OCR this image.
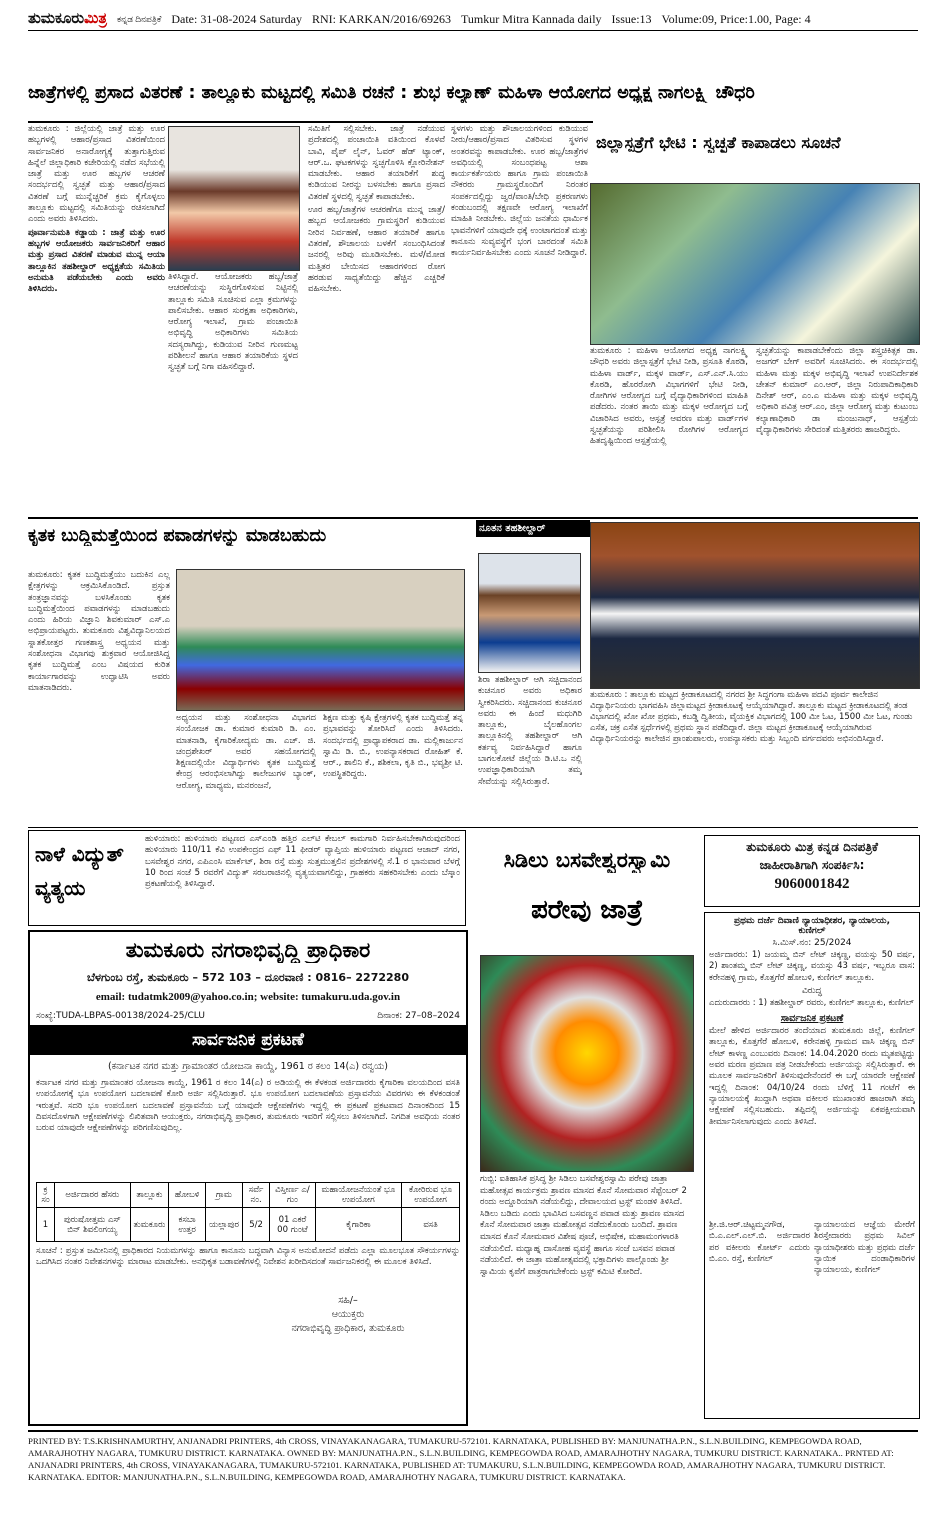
ತುಮಕೂರುಮಿತ್ರ ಕನ್ನಡ ದಿನಪತ್ರಿಕೆ Date: 31-08-2024 Saturday RNI: KARKAN/2016/69263 Tumkur Mitra Kannada daily Issue:13 Volume:09, Price:1.00, Page: 4
ಜಾತ್ರೆಗಳಲ್ಲಿ ಪ್ರಸಾದ ವಿತರಣೆ : ತಾಲ್ಲೂಕು ಮಟ್ಟದಲ್ಲಿ ಸಮಿತಿ ರಚನೆ : ಶುಭ ಕಲ್ಯಾಣ್ ಮಹಿಳಾ ಆಯೋಗದ ಅಧ್ಯಕ್ಷ ನಾಗಲಕ್ಷ್ಮಿ ಚೌಧರಿ

ತುಮಕೂರು : ಜಿಲ್ಲೆಯಲ್ಲಿ ಜಾತ್ರೆ ಮತ್ತು ಊರ ಹಬ್ಬಗಳಲ್ಲಿ ಆಹಾರ/ಪ್ರಸಾದ ವಿತರಣೆಯಿಂದ ಸಾರ್ವಜನಿಕರ ಅನಾರೋಗ್ಯಕ್ಕೆ ತುತ್ತಾಗುತ್ತಿರುವ ಹಿನ್ನೆಲೆ ಜಿಲ್ಲಾಧಿಕಾರಿ ಕಚೇರಿಯಲ್ಲಿ ನಡೆದ ಸಭೆಯಲ್ಲಿ ಜಾತ್ರೆ ಮತ್ತು ಊರ ಹಬ್ಬಗಳ ಆಚರಣೆ ಸಂದರ್ಭದಲ್ಲಿ ಸ್ವಚ್ಛತೆ ಮತ್ತು ಆಹಾರ/ಪ್ರಸಾದ ವಿತರಣೆ ಬಗ್ಗೆ ಮುನ್ನೆಚ್ಚರಿಕೆ ಕ್ರಮ ಕೈಗೊಳ್ಳಲು ತಾಲ್ಲೂಕು ಮಟ್ಟದಲ್ಲಿ ಸಮಿತಿಯನ್ನು ರಚಿಸಲಾಗಿದೆ ಎಂದು ಅವರು ತಿಳಿಸಿದರು.

ಪೂರ್ವಾನುಮತಿ ಕಡ್ಡಾಯ : ಜಾತ್ರೆ ಮತ್ತು ಊರ ಹಬ್ಬಗಳ ಆಯೋಜಕರು ಸಾರ್ವಜನಿಕರಿಗೆ ಆಹಾರ ಮತ್ತು ಪ್ರಸಾದ ವಿತರಣೆ ಮಾಡುವ ಮುನ್ನ ಆಯಾ ತಾಲ್ಲೂಕಿನ ತಹಶೀಲ್ದಾರ್ ಅಧ್ಯಕ್ಷತೆಯ ಸಮಿತಿಯ ಅನುಮತಿ ಪಡೆಯಬೇಕು ಎಂದು ಅವರು ತಿಳಿಸಿದರು.

ತಿಳಿಸಿದ್ದಾರೆ. ಆಯೋಜಕರು ಹಬ್ಬ/ಜಾತ್ರೆ ಆಚರಣೆಯನ್ನು ಸುಸ್ಥಿರಗೊಳಿಸುವ ನಿಟ್ಟಿನಲ್ಲಿ ತಾಲ್ಲೂಕು ಸಮಿತಿ ಸೂಚಿಸುವ ಎಲ್ಲಾ ಕ್ರಮಗಳನ್ನು ಪಾಲಿಸಬೇಕು. ಆಹಾರ ಸುರಕ್ಷತಾ ಅಧಿಕಾರಿಗಳು, ಆರೋಗ್ಯ ಇಲಾಖೆ, ಗ್ರಾಮ ಪಂಚಾಯಿತಿ ಅಭಿವೃದ್ಧಿ ಅಧಿಕಾರಿಗಳು ಸಮಿತಿಯ ಸದಸ್ಯರಾಗಿದ್ದು, ಕುಡಿಯುವ ನೀರಿನ ಗುಣಮಟ್ಟ ಪರಿಶೀಲನೆ ಹಾಗೂ ಆಹಾರ ತಯಾರಿಕೆಯ ಸ್ಥಳದ ಸ್ವಚ್ಛತೆ ಬಗ್ಗೆ ನಿಗಾ ವಹಿಸಲಿದ್ದಾರೆ.

ಸಮಿತಿಗೆ ಸಲ್ಲಿಸಬೇಕು. ಜಾತ್ರೆ ನಡೆಯುವ ಪ್ರದೇಶದಲ್ಲಿ ಪಂಚಾಯಿತಿ ವತಿಯಿಂದ ಕೊಳವೆ ಬಾವಿ, ಪೈಪ್ ಲೈನ್, ಓವರ್ ಹೆಡ್ ಟ್ಯಾಂಕ್, ಆರ್.ಒ. ಘಟಕಗಳನ್ನು ಸ್ವಚ್ಛಗೊಳಿಸಿ ಕ್ಲೋರಿನೇಶನ್ ಮಾಡಬೇಕು. ಆಹಾರ ತಯಾರಿಕೆಗೆ ಶುದ್ಧ ಕುಡಿಯುವ ನೀರನ್ನು ಬಳಸಬೇಕು ಹಾಗೂ ಪ್ರಸಾದ ವಿತರಣೆ ಸ್ಥಳದಲ್ಲಿ ಸ್ವಚ್ಛತೆ ಕಾಪಾಡಬೇಕು.

ಊರ ಹಬ್ಬ/ಜಾತ್ರೆಗಳ ಆಚರಣೆಗೂ ಮುನ್ನ ಜಾತ್ರೆ/ಹಬ್ಬದ ಆಯೋಜಕರು ಗ್ರಾಮಸ್ಥರಿಗೆ ಕುಡಿಯುವ ನೀರಿನ ನಿರ್ವಹಣೆ, ಆಹಾರ ತಯಾರಿಕೆ ಹಾಗೂ ವಿತರಣೆ, ಶೌಚಾಲಯ ಬಳಕೆಗೆ ಸಂಬಂಧಿಸಿದಂತೆ ಜನರಲ್ಲಿ ಅರಿವು ಮೂಡಿಸಬೇಕು. ಮಳೆ/ಮೋಡ ಮತ್ತಿತರ ಬೇಯಿಸದ ಆಹಾರಗಳಿಂದ ರೋಗ ಹರಡುವ ಸಾಧ್ಯತೆಯಿದ್ದು ಹೆಚ್ಚಿನ ಎಚ್ಚರಿಕೆ ವಹಿಸಬೇಕು.

ಸ್ಥಳಗಳು ಮತ್ತು ಶೌಚಾಲಯಗಳಿಂದ ಕುಡಿಯುವ ನೀರು/ಆಹಾರ/ಪ್ರಸಾದ ವಿತರಿಸುವ ಸ್ಥಳಗಳ ಅಂತರವನ್ನು ಕಾಪಾಡಬೇಕು. ಊರ ಹಬ್ಬ/ಜಾತ್ರೆಗಳ ಅವಧಿಯಲ್ಲಿ ಸಂಬಂಧಪಟ್ಟ ಆಶಾ ಕಾರ್ಯಕರ್ತೆಯರು ಹಾಗೂ ಗ್ರಾಮ ಪಂಚಾಯಿತಿ ನೌಕರರು ಗ್ರಾಮಸ್ಥರೊಂದಿಗೆ ನಿರಂತರ ಸಂಪರ್ಕದಲ್ಲಿದ್ದು ಜ್ವರ/ವಾಂತಿ/ಬೇಧಿ ಪ್ರಕರಣಗಳು ಕಂಡುಬಂದಲ್ಲಿ ತಕ್ಷಣವೇ ಆರೋಗ್ಯ ಇಲಾಖೆಗೆ ಮಾಹಿತಿ ನೀಡಬೇಕು. ಜಿಲ್ಲೆಯ ಜನತೆಯ ಧಾರ್ಮಿಕ ಭಾವನೆಗಳಿಗೆ ಯಾವುದೇ ಧಕ್ಕೆ ಉಂಟಾಗದಂತೆ ಮತ್ತು ಕಾನೂನು ಸುವ್ಯವಸ್ಥೆಗೆ ಭಂಗ ಬಾರದಂತೆ ಸಮಿತಿ ಕಾರ್ಯನಿರ್ವಹಿಸಬೇಕು ಎಂದು ಸೂಚನೆ ನೀಡಿದ್ದಾರೆ.

ಜಿಲ್ಲಾಸ್ಪತ್ರೆಗೆ ಭೇಟಿ : ಸ್ವಚ್ಛತೆ ಕಾಪಾಡಲು ಸೂಚನೆ

ತುಮಕೂರು : ಮಹಿಳಾ ಆಯೋಗದ ಅಧ್ಯಕ್ಷ ನಾಗಲಕ್ಷ್ಮಿ ಚೌಧರಿ ಅವರು ಜಿಲ್ಲಾಸ್ಪತ್ರೆಗೆ ಭೇಟಿ ನೀಡಿ, ಪ್ರಸೂತಿ ಕೊಠಡಿ, ಮಹಿಳಾ ವಾರ್ಡ್, ಮಕ್ಕಳ ವಾರ್ಡ್, ಎಸ್.ಎನ್.ಸಿ.ಯು ಕೊಠಡಿ, ಹೊರರೋಗಿ ವಿಭಾಗಗಳಿಗೆ ಭೇಟಿ ನೀಡಿ, ರೋಗಿಗಳ ಆರೋಗ್ಯದ ಬಗ್ಗೆ ವೈದ್ಯಾಧಿಕಾರಿಗಳಿಂದ ಮಾಹಿತಿ ಪಡೆದರು. ನಂತರ ತಾಯಿ ಮತ್ತು ಮಕ್ಕಳ ಆರೋಗ್ಯದ ಬಗ್ಗೆ ವಿಚಾರಿಸಿದ ಅವರು, ಆಸ್ಪತ್ರೆ ಆವರಣ ಮತ್ತು ವಾರ್ಡ್‌ಗಳ ಸ್ವಚ್ಛತೆಯನ್ನು ಪರಿಶೀಲಿಸಿ ರೋಗಿಗಳ ಆರೋಗ್ಯದ ಹಿತದೃಷ್ಟಿಯಿಂದ ಆಸ್ಪತ್ರೆಯಲ್ಲಿ

ಸ್ವಚ್ಛತೆಯನ್ನು ಕಾಪಾಡಬೇಕೆಂದು ಜಿಲ್ಲಾ ಶಸ್ತ್ರಚಿಕಿತ್ಸಕ ಡಾ. ಅಜಗರ್ ಬೇಗ್ ಅವರಿಗೆ ಸೂಚಿಸಿದರು. ಈ ಸಂದರ್ಭದಲ್ಲಿ ಮಹಿಳಾ ಮತ್ತು ಮಕ್ಕಳ ಅಭಿವೃದ್ಧಿ ಇಲಾಖೆ ಉಪನಿರ್ದೇಶಕ ಚೇತನ್ ಕುಮಾರ್ ಎಂ.ಆರ್, ಜಿಲ್ಲಾ ನಿರುಪಾದಿಕಾಧಿಕಾರಿ ದಿನೇಶ್ ಆರ್, ಎಂ.ಎ ಮಹಿಳಾ ಮತ್ತು ಮಕ್ಕಳ ಅಭಿವೃದ್ಧಿ ಅಧಿಕಾರಿ ಪವಿತ್ರ ಆರ್.ಎಂ, ಜಿಲ್ಲಾ ಆರೋಗ್ಯ ಮತ್ತು ಕುಟುಂಬ ಕಲ್ಯಾಣಾಧಿಕಾರಿ ಡಾ ಮಂಜುನಾಥ್, ಆಸ್ಪತ್ರೆಯ ವೈದ್ಯಾಧಿಕಾರಿಗಳು ಸೇರಿದಂತೆ ಮತ್ತಿತರರು ಹಾಜರಿದ್ದರು.

ಕೃತಕ ಬುದ್ಧಿಮತ್ತೆಯಿಂದ ಪವಾಡಗಳನ್ನು ಮಾಡಬಹುದು	ನೂತನ ತಹಶೀಲ್ದಾರ್

ತುಮಕೂರು: ಕೃತಕ ಬುದ್ಧಿಮತ್ತೆಯು ಬದುಕಿನ ಎಲ್ಲ ಕ್ಷೇತ್ರಗಳನ್ನು ಆಕ್ರಮಿಸಿಕೊಂಡಿದೆ. ಪ್ರಸ್ತುತ ತಂತ್ರಜ್ಞಾನವನ್ನು ಬಳಸಿಕೊಂಡು ಕೃತಕ ಬುದ್ಧಿಮತ್ತೆಯಿಂದ ಪವಾಡಗಳನ್ನು ಮಾಡಬಹುದು ಎಂದು ಹಿರಿಯ ವಿಜ್ಞಾನಿ ಶಿವಕುಮಾರ್ ಎಸ್.ಎ ಅಭಿಪ್ರಾಯಪಟ್ಟರು. ತುಮಕೂರು ವಿಶ್ವವಿದ್ಯಾನಿಲಯದ ಸ್ನಾತಕೋತ್ತರ ಗಣಕಶಾಸ್ತ್ರ ಅಧ್ಯಯನ ಮತ್ತು ಸಂಶೋಧನಾ ವಿಭಾಗವು ಶುಕ್ರವಾರ ಆಯೋಜಿಸಿದ್ದ ಕೃತಕ ಬುದ್ಧಿಮತ್ತೆ ಎಂಬ ವಿಷಯದ ಕುರಿತ ಕಾರ್ಯಾಗಾರವನ್ನು ಉದ್ಘಾಟಿಸಿ ಅವರು ಮಾತನಾಡಿದರು.

ಅಧ್ಯಯನ ಮತ್ತು ಸಂಶೋಧನಾ ವಿಭಾಗದ ಸಂಯೋಜಕ ಡಾ. ಕುಮಾರ ಕುಮಾರಿ ಡಿ. ಎಂ. ಮಾತನಾಡಿ, ಕೈಗಾರಿಕೋದ್ಯಮ ಡಾ. ಎಚ್. ಜಿ. ಚಂದ್ರಶೇಖರ್ ಅವರ ಸಹಯೋಗದಲ್ಲಿ ಶಿಕ್ಷಣದಲ್ಲಿಯೇ ವಿದ್ಯಾರ್ಥಿಗಳು ಕೃತಕ ಬುದ್ಧಿಮತ್ತೆ ಕೇಂದ್ರ ಆರಂಭಿಸಲಾಗಿದ್ದು ಕಾಲೇಜುಗಳ ಬ್ಯಾಂಕ್, ಆರೋಗ್ಯ, ಮಾಧ್ಯಮ, ಮನರಂಜನೆ,

ಶಿಕ್ಷಣ ಮತ್ತು ಕೃಷಿ ಕ್ಷೇತ್ರಗಳಲ್ಲಿ ಕೃತಕ ಬುದ್ಧಿಮತ್ತೆ ತನ್ನ ಪ್ರಭಾವವನ್ನು ತೋರಿಸಿದೆ ಎಂದು ತಿಳಿಸಿದರು. ಸಂದರ್ಭದಲ್ಲಿ ಪ್ರಾಧ್ಯಾಪಕರಾದ ಡಾ. ಮಲ್ಲಿಕಾರ್ಜುನ ಸ್ವಾಮಿ ಡಿ. ಬಿ., ಉಪನ್ಯಾಸಕರಾದ ರೋಹಿತ್ ಕೆ. ಆರ್., ಶಾಲಿನಿ ಕೆ., ಶಶಿಕಲಾ, ಕೃತಿ ಬಿ., ಭವ್ಯಶ್ರೀ ಟಿ. ಉಪಸ್ಥಿತರಿದ್ದರು.

ಶಿರಾ ತಹಶೀಲ್ದಾರ್ ಆಗಿ ಸಚ್ಚಿದಾನಂದ ಕುಚನೂರ ಅವರು ಅಧಿಕಾರ ಸ್ವೀಕರಿಸಿದರು. ಸಚ್ಚಿದಾನಂದ ಕುಚನೂರ ಅವರು ಈ ಹಿಂದೆ ಮಧುಗಿರಿ ತಾಲ್ಲೂಕು, ಬೈಲಹೊಂಗಲ ತಾಲ್ಲೂಕಿನಲ್ಲಿ ತಹಶೀಲ್ದಾರ್ ಆಗಿ ಕರ್ತವ್ಯ ನಿರ್ವಹಿಸಿದ್ದಾರೆ ಹಾಗೂ ಬಾಗಲಕೋಟೆ ಜಿಲ್ಲೆಯ ಡಿ.ಟಿ.ಒ ನಲ್ಲಿ ಉಪಜ್ಞಾಧಿಕಾರಿಯಾಗಿ ತಮ್ಮ ಸೇವೆಯನ್ನು ಸಲ್ಲಿಸಿರುತ್ತಾರೆ.

ತುಮಕೂರು : ತಾಲ್ಲೂಕು ಮಟ್ಟದ ಕ್ರೀಡಾಕೂಟದಲ್ಲಿ ನಗರದ ಶ್ರೀ ಸಿದ್ಧಗಂಗಾ ಮಹಿಳಾ ಪದವಿ ಪೂರ್ವ ಕಾಲೇಜಿನ ವಿದ್ಯಾರ್ಥಿನಿಯರು ಭಾಗವಹಿಸಿ ಜಿಲ್ಲಾಮಟ್ಟದ ಕ್ರೀಡಾಕೂಟಕ್ಕೆ ಆಯ್ಕೆಯಾಗಿದ್ದಾರೆ. ತಾಲ್ಲೂಕು ಮಟ್ಟದ ಕ್ರೀಡಾಕೂಟದಲ್ಲಿ ತಂಡ ವಿಭಾಗದಲ್ಲಿ ಖೋ ಖೋ ಪ್ರಥಮ, ಕಬಡ್ಡಿ ದ್ವಿತೀಯ, ವೈಯಕ್ತಿಕ ವಿಭಾಗದಲ್ಲಿ 100 ಮೀ ಓಟ, 1500 ಮೀ ಓಟ, ಗುಂಡು ಎಸೆತ, ಚಕ್ರ ಎಸೆತ ಸ್ಪರ್ಧೆಗಳಲ್ಲಿ ಪ್ರಥಮ ಸ್ಥಾನ ಪಡೆದಿದ್ದಾರೆ. ಜಿಲ್ಲಾ ಮಟ್ಟದ ಕ್ರೀಡಾಕೂಟಕ್ಕೆ ಆಯ್ಕೆಯಾಗಿರುವ ವಿದ್ಯಾರ್ಥಿನಿಯರನ್ನು ಕಾಲೇಜಿನ ಪ್ರಾಂಶುಪಾಲರು, ಉಪನ್ಯಾಸಕರು ಮತ್ತು ಸಿಬ್ಬಂದಿ ವರ್ಗದವರು ಅಭಿನಂದಿಸಿದ್ದಾರೆ.
ನಾಳೆ ವಿದ್ಯುತ್ ವ್ಯತ್ಯಯ
ಹುಳಿಯಾರು: ಹುಳಿಯಾರು ಪಟ್ಟಣದ ಎಸ್‌ಎಂಡಿ ಹತ್ತಿರ ಎಲ್‌ಟಿ ಕೇಬಲ್ ಕಾಮಗಾರಿ ನಿರ್ವಹಿಸಬೇಕಾಗಿರುವುದರಿಂದ ಹುಳಿಯಾರು 110/11 ಕೆವಿ ಉಪಕೇಂದ್ರದ ಎಫ್ 11 ಫೀಡರ್ ವ್ಯಾಪ್ತಿಯ ಹುಳಿಯಾರು ಪಟ್ಟಣದ ಆಜಾದ್ ನಗರ, ಬಸವೇಶ್ವರ ನಗರ, ಎಪಿಎಂಸಿ ಮಾರ್ಕೆಟ್, ಶಿರಾ ರಸ್ತೆ ಮತ್ತು ಸುತ್ತಮುತ್ತಲಿನ ಪ್ರದೇಶಗಳಲ್ಲಿ ಸೆ.1 ರ ಭಾನುವಾರ ಬೆಳಗ್ಗೆ 10 ರಿಂದ ಸಂಜೆ 5 ರವರೆಗೆ ವಿದ್ಯುತ್ ಸರಬರಾಜಿನಲ್ಲಿ ವ್ಯತ್ಯಯವಾಗಲಿದ್ದು, ಗ್ರಾಹಕರು ಸಹಕರಿಸಬೇಕು ಎಂದು ಬೆಸ್ಕಾಂ ಪ್ರಕಟಣೆಯಲ್ಲಿ ತಿಳಿಸಿದ್ದಾರೆ.
ಸಿಡಿಲು ಬಸವೇಶ್ವರಸ್ವಾಮಿ
ಪರೇವು ಜಾತ್ರೆ
ಗುಬ್ಬಿ: ಐತಿಹಾಸಿಕ ಪ್ರಸಿದ್ಧ ಶ್ರೀ ಸಿಡಿಲು ಬಸವೇಶ್ವರಸ್ವಾಮಿ ಪರೇವು ಜಾತ್ರಾ ಮಹೋತ್ಸವ ಕಾರ್ಯಕ್ರಮ ಶ್ರಾವಣ ಮಾಸದ ಕೊನೆ ಸೋಮವಾರ ಸೆಪ್ಟೆಂಬರ್ 2 ರಂದು ಅದ್ದೂರಿಯಾಗಿ ನಡೆಯಲಿದ್ದು, ದೇವಾಲಯದ ಟ್ರಸ್ಟ್ ಮಂಡಳಿ ತಿಳಿಸಿದೆ. ಸಿಡಿಲು ಬಡಿದು ಎಂದು ಭಾವಿಸಿದ ಬಸವಣ್ಣನ ಪವಾಡ ಮತ್ತು ಶ್ರಾವಣ ಮಾಸದ ಕೊನೆ ಸೋಮವಾರ ಜಾತ್ರಾ ಮಹೋತ್ಸವ ನಡೆದುಕೊಂಡು ಬಂದಿದೆ. ಶ್ರಾವಣ ಮಾಸದ ಕೊನೆ ಸೋಮವಾರ ವಿಶೇಷ ಪೂಜೆ, ಅಭಿಷೇಕ, ಮಹಾಮಂಗಳಾರತಿ ನಡೆಯಲಿದೆ. ಮಧ್ಯಾಹ್ನ ದಾಸೋಹ ವ್ಯವಸ್ಥೆ ಹಾಗೂ ಸಂಜೆ ಬಸವನ ಪವಾಡ ನಡೆಯಲಿದೆ. ಈ ಜಾತ್ರಾ ಮಹೋತ್ಸವದಲ್ಲಿ ಭಕ್ತಾದಿಗಳು ಪಾಲ್ಗೊಂಡು ಶ್ರೀ ಸ್ವಾಮಿಯ ಕೃಪೆಗೆ ಪಾತ್ರರಾಗಬೇಕೆಂದು ಟ್ರಸ್ಟ್ ಕಮಿಟಿ ಕೋರಿದೆ.
ತುಮಕೂರು ಮಿತ್ರ ಕನ್ನಡ ದಿನಪತ್ರಿಕೆ
ಜಾಹೀರಾತಿಗಾಗಿ ಸಂಪರ್ಕಿಸಿ:
9060001842
ಪ್ರಥಮ ದರ್ಜೆ ದಿವಾಣಿ ನ್ಯಾಯಾಧೀಶರ, ನ್ಯಾಯಾಲಯ,
ಕುಣಿಗಲ್
ಸಿ.ಮಿಸ್.ನಂ: 25/2024
ಅರ್ಜಿದಾರರು: 1) ಜಯಮ್ಮ ಬಿನ್ ಲೇಟ್ ಚಿಕ್ಕಣ್ಣ, ವಯಸ್ಸು 50 ವರ್ಷ, 2) ಶಾಂತಮ್ಮ ಬಿನ್ ಲೇಟ್ ಚಿಕ್ಕಣ್ಣ, ವಯಸ್ಸು 43 ವರ್ಷ, ಇಬ್ಬರೂ ವಾಸ: ಕರೇನಹಳ್ಳಿ ಗ್ರಾಮ, ಕೊತ್ತಗೆರೆ ಹೋಬಳಿ, ಕುಣಿಗಲ್ ತಾಲ್ಲೂಕು.
ವಿರುದ್ಧ
ಎದುರುದಾರರು : 1) ತಹಶೀಲ್ದಾರ್ ರವರು, ಕುಣಿಗಲ್ ತಾಲ್ಲೂಕು, ಕುಣಿಗಲ್
ಸಾರ್ವಜನಿಕ ಪ್ರಕಟಣೆ
ಮೇಲೆ ಹೇಳಿದ ಅರ್ಜಿದಾರರ ತಂದೆಯಾದ ತುಮಕೂರು ಜಿಲ್ಲೆ, ಕುಣಿಗಲ್ ತಾಲ್ಲೂಕು, ಕೊತ್ತಗೆರೆ ಹೋಬಳಿ, ಕರೇನಹಳ್ಳಿ ಗ್ರಾಮದ ವಾಸಿ ಚಿಕ್ಕಣ್ಣ ಬಿನ್ ಲೇಟ್ ಕಾಳಣ್ಣ ಎಂಬುವರು ದಿನಾಂಕ: 14.04.2020 ರಂದು ಮೃತಪಟ್ಟಿದ್ದು ಅವರ ಮರಣ ಪ್ರಮಾಣ ಪತ್ರ ನೀಡಬೇಕೆಂದು ಅರ್ಜಿಯನ್ನು ಸಲ್ಲಿಸಿರುತ್ತಾರೆ. ಈ ಮೂಲಕ ಸಾರ್ವಜನಿಕರಿಗೆ ತಿಳಿಸುವುದೇನೆಂದರೆ ಈ ಬಗ್ಗೆ ಯಾರದೇ ಆಕ್ಷೇಪಣೆ ಇದ್ದಲ್ಲಿ ದಿನಾಂಕ: 04/10/24 ರಂದು ಬೆಳಿಗ್ಗೆ 11 ಗಂಟೆಗೆ ಈ ನ್ಯಾಯಾಲಯಕ್ಕೆ ಖುದ್ದಾಗಿ ಅಥವಾ ವಕೀಲರ ಮುಖಾಂತರ ಹಾಜರಾಗಿ ತಮ್ಮ ಆಕ್ಷೇಪಣೆ ಸಲ್ಲಿಸಬಹುದು. ತಪ್ಪಿದಲ್ಲಿ ಅರ್ಜಿಯನ್ನು ಏಕಪಕ್ಷೀಯವಾಗಿ ತೀರ್ಮಾನಿಸಲಾಗುವುದು ಎಂದು ತಿಳಿಸಿದೆ.
ಶ್ರೀ.ಜಿ.ಆರ್.ಚಿಟ್ಟಮ್ಮನಗೌಡ, ಬಿ.ಎ.ಎಲ್.ಎಲ್.ಬಿ. ಅರ್ಜಿದಾರರ ಪರ ವಕೀಲರು ಕೋರ್ಟ್ ಎದುರು ಬಿ.ಎಂ. ರಸ್ತೆ, ಕುಣಿಗಲ್
ನ್ಯಾಯಾಲಯದ ಆಜ್ಞೆಯ ಮೇರೆಗೆ ಶಿರಸ್ತೇದಾರರು ಪ್ರಥಮ ಸಿವಿಲ್ ನ್ಯಾಯಾಧೀಶರು ಮತ್ತು ಪ್ರಥಮ ದರ್ಜೆ ನ್ಯಾಯಿಕ ದಂಡಾಧಿಕಾರಿಗಳ ನ್ಯಾಯಾಲಯ, ಕುಣಿಗಲ್
ತುಮಕೂರು ನಗರಾಭಿವೃದ್ಧಿ ಪ್ರಾಧಿಕಾರ
ಬೆಳಗುಂಬ ರಸ್ತೆ, ತುಮಕೂರು – 572 103 – ದೂರವಾಣಿ : 0816– 2272280
email: tudatmk2009@yahoo.co.in; website: tumakuru.uda.gov.in
ಸಂಖ್ಯೆ:TUDA-LBPAS-00138/2024-25/CLU	ದಿನಾಂಕ: 27–08–2024
ಸಾರ್ವಜನಿಕ ಪ್ರಕಟಣೆ
(ಕರ್ನಾಟಕ ನಗರ ಮತ್ತು ಗ್ರಾಮಾಂತರ ಯೋಜನಾ ಕಾಯ್ದೆ, 1961 ರ ಕಲಂ 14(ಎ) ರನ್ವಯ)
ಕರ್ನಾಟಕ ನಗರ ಮತ್ತು ಗ್ರಾಮಾಂತರ ಯೋಜನಾ ಕಾಯ್ದೆ, 1961 ರ ಕಲಂ 14(ಎ) ರ ಅಡಿಯಲ್ಲಿ ಈ ಕೆಳಕಂಡ ಅರ್ಜಿದಾರರು ಕೈಗಾರಿಕಾ ವಲಯದಿಂದ ವಸತಿ ಉಪಯೋಗಕ್ಕೆ ಭೂ ಉಪಯೋಗ ಬದಲಾವಣೆ ಕೋರಿ ಅರ್ಜಿ ಸಲ್ಲಿಸಿರುತ್ತಾರೆ. ಭೂ ಉಪಯೋಗ ಬದಲಾವಣೆಯ ಪ್ರಸ್ತಾವನೆಯ ವಿವರಗಳು ಈ ಕೆಳಕಂಡಂತೆ ಇರುತ್ತವೆ. ಸದರಿ ಭೂ ಉಪಯೋಗ ಬದಲಾವಣೆ ಪ್ರಸ್ತಾವನೆಯ ಬಗ್ಗೆ ಯಾವುದೇ ಆಕ್ಷೇಪಣೆಗಳು ಇದ್ದಲ್ಲಿ ಈ ಪ್ರಕಟಣೆ ಪ್ರಕಟವಾದ ದಿನಾಂಕದಿಂದ 15 ದಿವಸದೊಳಗಾಗಿ ಆಕ್ಷೇಪಣೆಗಳನ್ನು ಲಿಖಿತವಾಗಿ ಆಯುಕ್ತರು, ನಗರಾಭಿವೃದ್ಧಿ ಪ್ರಾಧಿಕಾರ, ತುಮಕೂರು ಇವರಿಗೆ ಸಲ್ಲಿಸಲು ತಿಳಿಸಲಾಗಿದೆ. ನಿಗದಿತ ಅವಧಿಯ ನಂತರ ಬರುವ ಯಾವುದೇ ಆಕ್ಷೇಪಣೆಗಳನ್ನು ಪರಿಗಣಿಸುವುದಿಲ್ಲ.
ಕ್ರ ಸಂ	ಅರ್ಜಿದಾರರ ಹೆಸರು	ತಾಲ್ಲೂಕು	ಹೋಬಳಿ	ಗ್ರಾಮ	ಸರ್ವೆ ನಂ.	ವಿಸ್ತೀರ್ಣ ಎ/ಗುಂ	ಮಹಾಯೋಜನೆಯಂತೆ ಭೂ ಉಪಯೋಗ	ಕೋರಿರುವ ಭೂ ಉಪಯೋಗ
1	ಪುರುಷೋತ್ತಮ ಎಸ್ ಬಿನ್ ಶಿವಲಿಂಗಯ್ಯ	ತುಮಕೂರು	ಕಸಬಾ ಉತ್ತರ	ಯಲ್ಲಾಪುರ	5/2	01 ಎಕರೆ 00 ಗುಂಟೆ	ಕೈಗಾರಿಕಾ	ವಸತಿ
ಸೂಚನೆ : ಪ್ರಸ್ತುತ ಜಮೀನಿನಲ್ಲಿ ಪ್ರಾಧಿಕಾರದ ನಿಯಮಗಳನ್ನು ಹಾಗೂ ಕಾನೂನು ಬದ್ಧವಾಗಿ ವಿನ್ಯಾಸ ಅನುಮೋದನೆ ಪಡೆದು ಎಲ್ಲಾ ಮೂಲಭೂತ ಸೌಕರ್ಯಗಳನ್ನು ಒದಗಿಸಿದ ನಂತರ ನಿವೇಶನಗಳನ್ನು ಮಾರಾಟ ಮಾಡಬೇಕು. ಅನಧಿಕೃತ ಬಡಾವಣೆಗಳಲ್ಲಿ ನಿವೇಶನ ಖರೀದಿಸದಂತೆ ಸಾರ್ವಜನಿಕರಲ್ಲಿ ಈ ಮೂಲಕ ತಿಳಿಸಿದೆ.
ಸಹಿ/–
ಆಯುಕ್ತರು
ನಗರಾಭಿವೃದ್ಧಿ ಪ್ರಾಧಿಕಾರ, ತುಮಕೂರು
PRINTED BY: T.S.KRISHNAMURTHY, ANJANADRI PRINTERS, 4th CROSS, VINAYAKANAGARA, TUMAKURU-572101. KARNATAKA, PUBLISHED BY: MANJUNATHA.P.N., S.L.N.BUILDING, KEMPEGOWDA ROAD, AMARAJHOTHY NAGARA, TUMKURU DISTRICT. KARNATAKA. OWNED BY: MANJUNATHA.P.N., S.L.N.BUILDING, KEMPEGOWDA ROAD, AMARAJHOTHY NAGARA, TUMKURU DISTRICT. KARNATAKA.. PRNTED AT: ANJANADRI PRINTERS, 4th CROSS, VINAYAKANAGARA, TUMAKURU-572101. KARNATAKA, PUBLISHED AT: TUMAKURU, S.L.N.BUILDING, KEMPEGOWDA ROAD, AMARAJHOTHY NAGARA, TUMKURU DISTRICT. KARNATAKA. EDITOR: MANJUNATHA.P.N., S.L.N.BUILDING, KEMPEGOWDA ROAD, AMARAJHOTHY NAGARA, TUMKURU DISTRICT. KARNATAKA.
